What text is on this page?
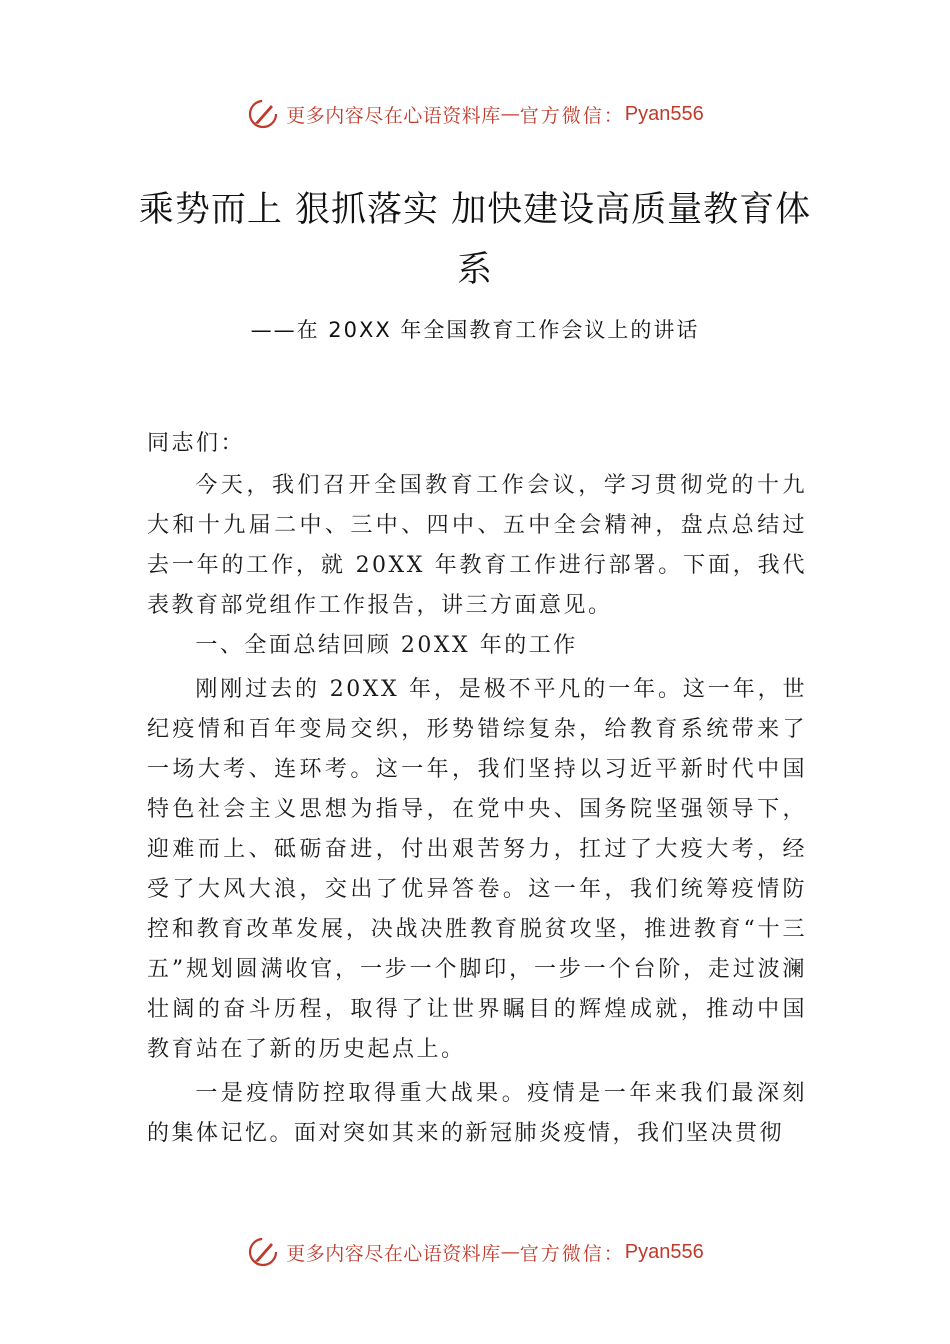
更多内容尽在心语资料库 — 官方微信： Pyan556
乘势而上 狠抓落实 加快建设高质量教育体系
——在 20XX 年全国教育工作会议上的讲话

同志们：

今天，我们召开全国教育工作会议，学习贯彻党的十九大和十九届二中、三中、四中、五中全会精神，盘点总结过去一年的工作，就 20XX 年教育工作进行部署。下面，我代表教育部党组作工作报告，讲三方面意见。

一、全面总结回顾 20XX 年的工作

刚刚过去的 20XX 年，是极不平凡的一年。这一年，世纪疫情和百年变局交织，形势错综复杂，给教育系统带来了一场大考、连环考。这一年，我们坚持以习近平新时代中国特色社会主义思想为指导，在党中央、国务院坚强领导下，迎难而上、砥砺奋进，付出艰苦努力，扛过了大疫大考，经受了大风大浪，交出了优异答卷。这一年，我们统筹疫情防控和教育改革发展，决战决胜教育脱贫攻坚，推进教育“十三五”规划圆满收官，一步一个脚印，一步一个台阶，走过波澜壮阔的奋斗历程，取得了让世界瞩目的辉煌成就，推动中国教育站在了新的历史起点上。

一是疫情防控取得重大战果。疫情是一年来我们最深刻的集体记忆。面对突如其来的新冠肺炎疫情，我们坚决贯彻

更多内容尽在心语资料库 — 官方微信： Pyan556
